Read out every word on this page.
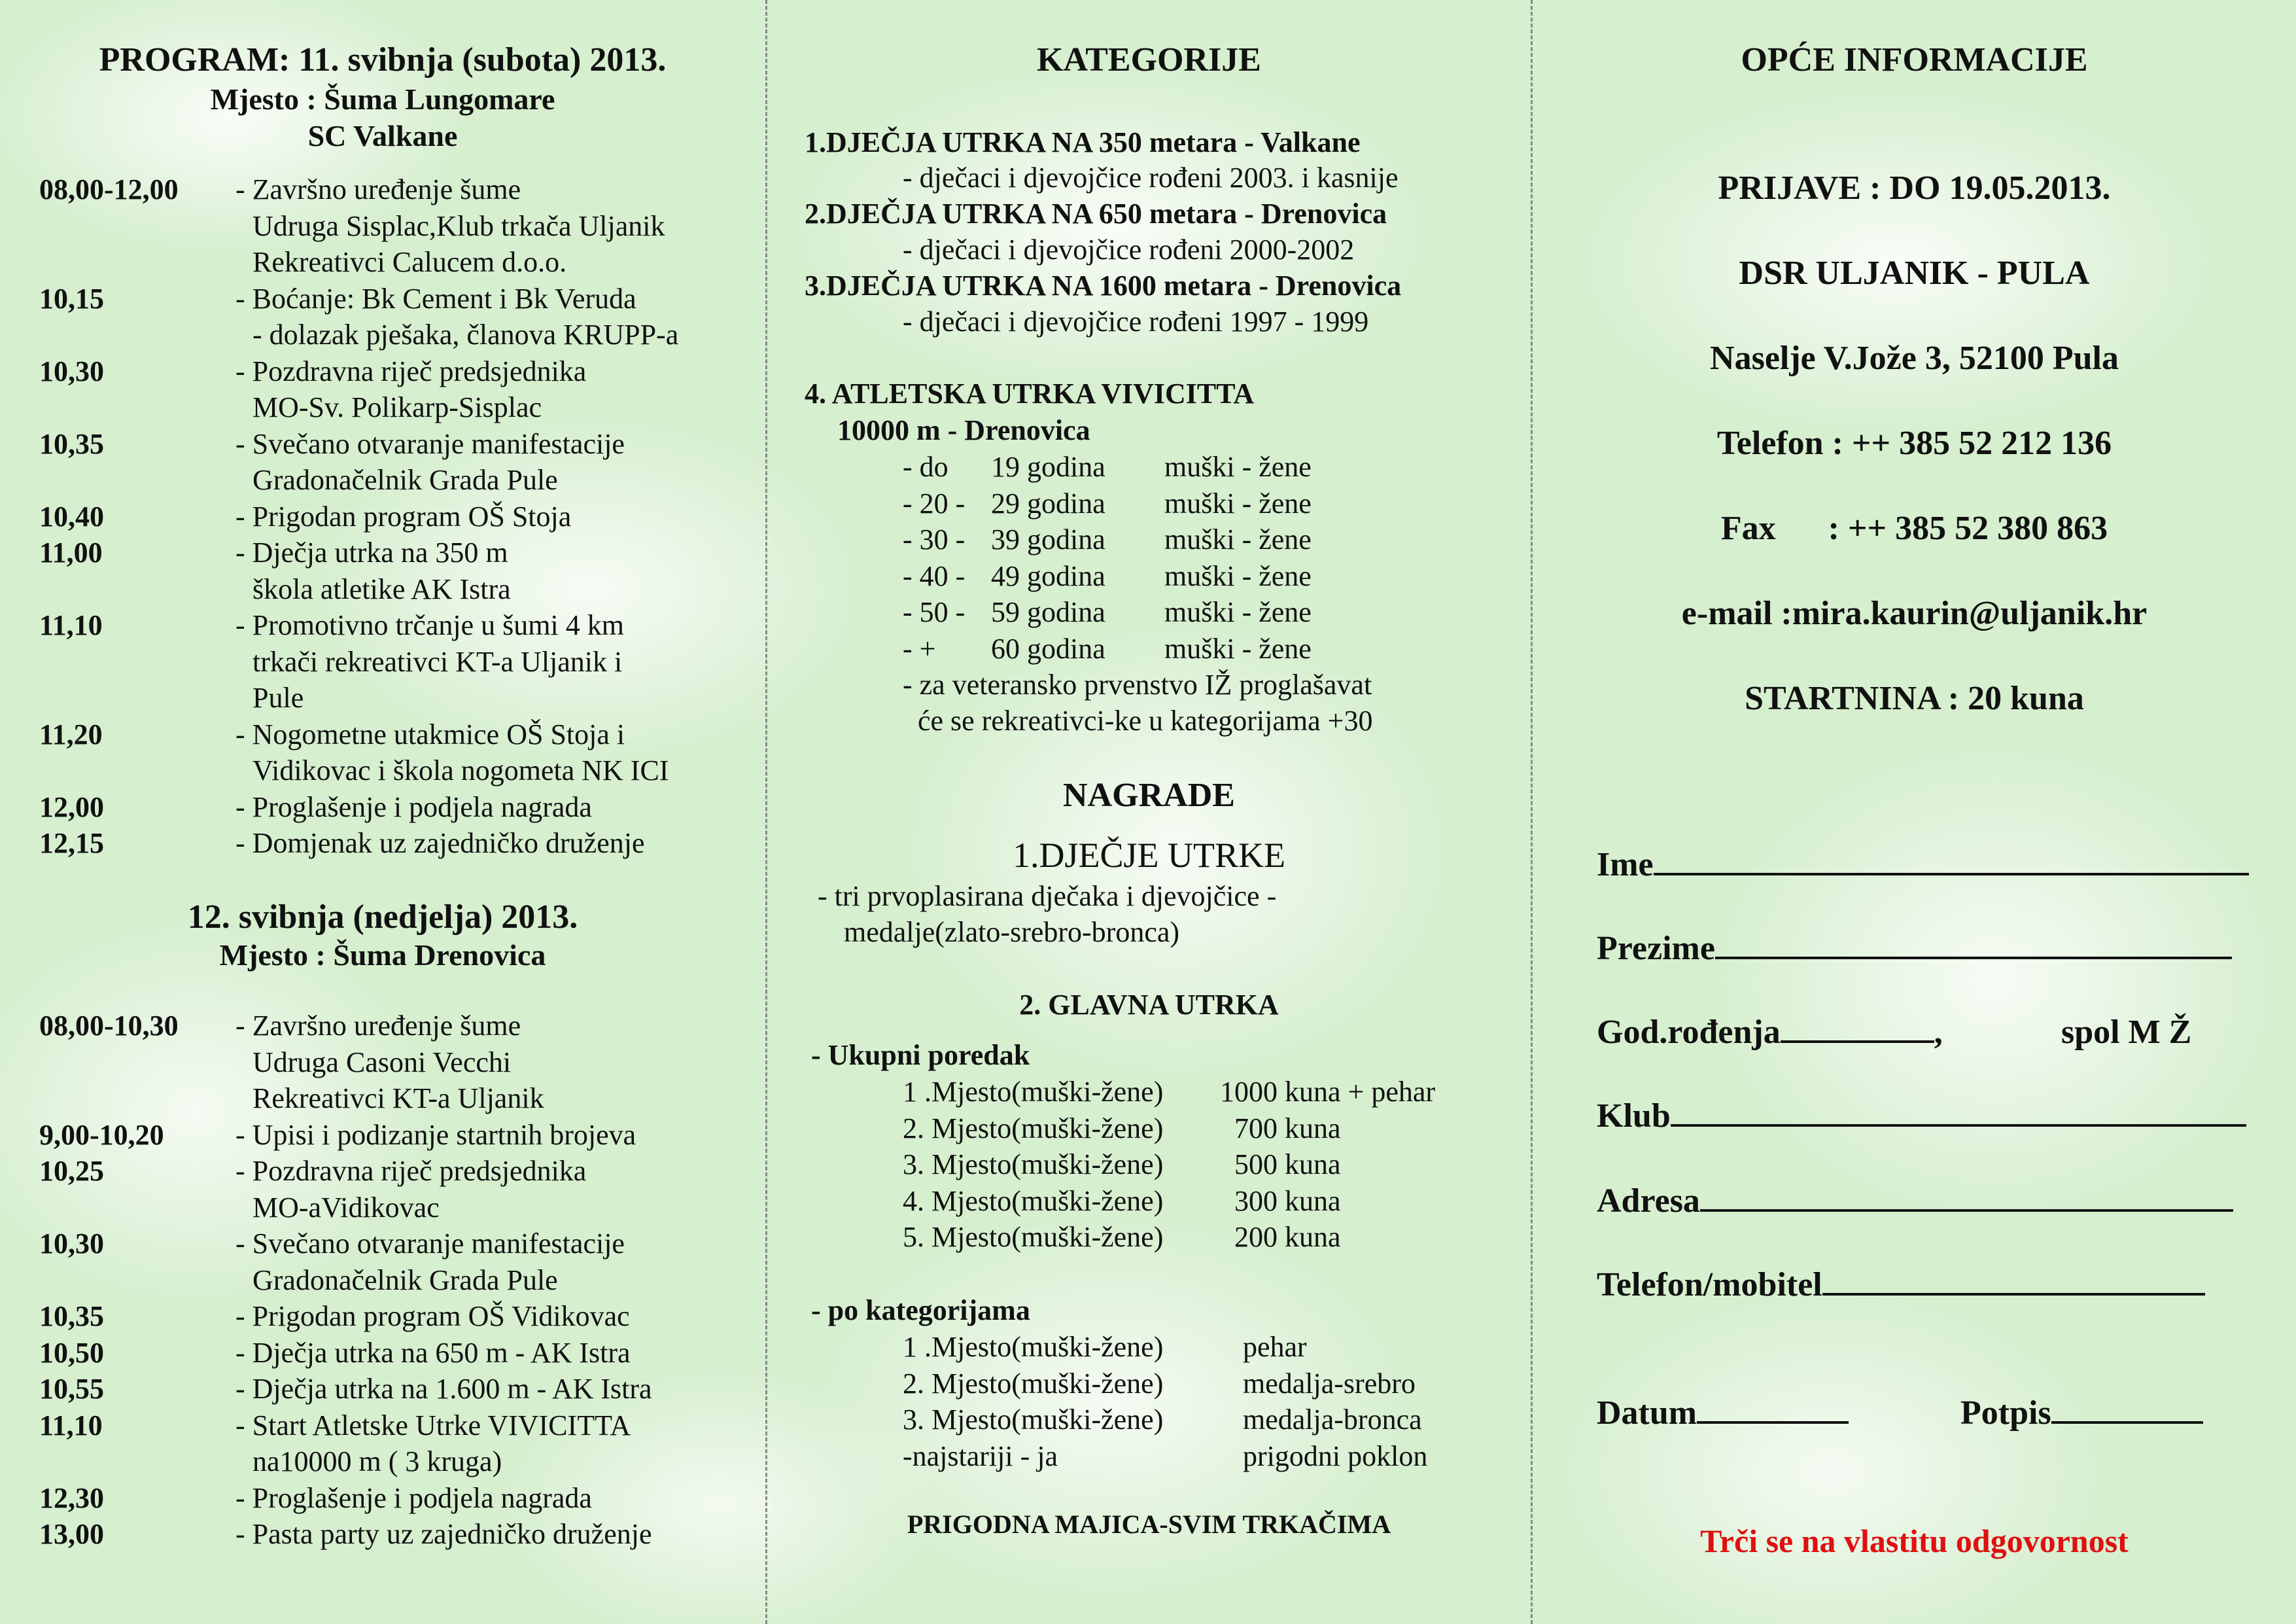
PROGRAM: 11. svibnja (subota) 2013.
Mjesto : Šuma Lungomare
SC Valkane
08,00-12,00 - Završno uređenje šume
Udruga Sisplac,Klub trkača Uljanik
Rekreativci Calucem d.o.o.
10,15	- Boćanje: Bk Cement i Bk Veruda
- dolazak pješaka, članova KRUPP-a
10,30	- Pozdravna riječ predsjednika
MO-Sv. Polikarp-Sisplac
10,35	- Svečano otvaranje manifestacije
Gradonačelnik Grada Pule
10,40	- Prigodan program OŠ Stoja
11,00	- Dječja utrka na 350 m
škola atletike AK Istra
11,10	- Promotivno trčanje u šumi 4 km
trkači rekreativci KT-a Uljanik i
Pule
11,20	- Nogometne utakmice OŠ Stoja i
Vidikovac i škola nogometa NK ICI
12,00	- Proglašenje i podjela nagrada
12,15	- Domjenak uz zajedničko druženje
12. svibnja (nedjelja) 2013.
Mjesto : Šuma Drenovica
08,00-10,30 - Završno uređenje šume
Udruga Casoni Vecchi
Rekreativci KT-a Uljanik
9,00-10,20 - Upisi i podizanje startnih brojeva
10,25	- Pozdravna riječ predsjednika
MO-aVidikovac
10,30	- Svečano otvaranje manifestacije
Gradonačelnik Grada Pule
10,35	- Prigodan program OŠ Vidikovac
10,50	- Dječja utrka na 650 m - AK Istra
10,55	- Dječja utrka na 1.600 m - AK Istra
11,10	- Start Atletske Utrke VIVICITTA
na10000 m ( 3 kruga)
12,30	- Proglašenje i podjela nagrada
13,00	- Pasta party uz zajedničko druženje
KATEGORIJE
1.DJEČJA UTRKA NA 350 metara - Valkane
- dječaci i djevojčice rođeni 2003. i kasnije
2.DJEČJA UTRKA NA 650 metara - Drenovica
- dječaci i djevojčice rođeni 2000-2002
3.DJEČJA UTRKA NA 1600 metara - Drenovica
- dječaci i djevojčice rođeni 1997 - 1999
4. ATLETSKA UTRKA VIVICITTA
10000 m - Drenovica
- do 19 godina muški - žene
- 20 - 29 godina muški - žene
- 30 - 39 godina muški - žene
- 40 - 49 godina muški - žene
- 50 - 59 godina muški - žene
- + 60 godina muški - žene
- za veteransko prvenstvo IŽ proglašavat
će se rekreativci-ke u kategorijama +30
NAGRADE
1.DJEČJE UTRKE
- tri prvoplasirana dječaka i djevojčice -
medalje(zlato-srebro-bronca)
2. GLAVNA UTRKA
- Ukupni poredak
1 .Mjesto(muški-žene) 1000 kuna + pehar
2. Mjesto(muški-žene)  700 kuna
3. Mjesto(muški-žene)  500 kuna
4. Mjesto(muški-žene)  300 kuna
5. Mjesto(muški-žene)  200 kuna
- po kategorijama
1 .Mjesto(muški-žene)	pehar
2. Mjesto(muški-žene)	medalja-srebro
3. Mjesto(muški-žene)	medalja-bronca
-najstariji - ja	prigodni poklon
PRIGODNA MAJICA-SVIM TRKAČIMA
OPĆE INFORMACIJE
PRIJAVE : DO 19.05.2013.
DSR ULJANIK - PULA
Naselje V.Jože 3, 52100 Pula
Telefon : ++ 385 52 212 136
Fax : ++ 385 52 380 863
e-mail :mira.kaurin@uljanik.hr
STARTNINA : 20 kuna
Ime
Prezime
God.rođenja	,	spol M Ž
Klub
Adresa
Telefon/mobitel
Datum	Potpis
Trči se na vlastitu odgovornost
